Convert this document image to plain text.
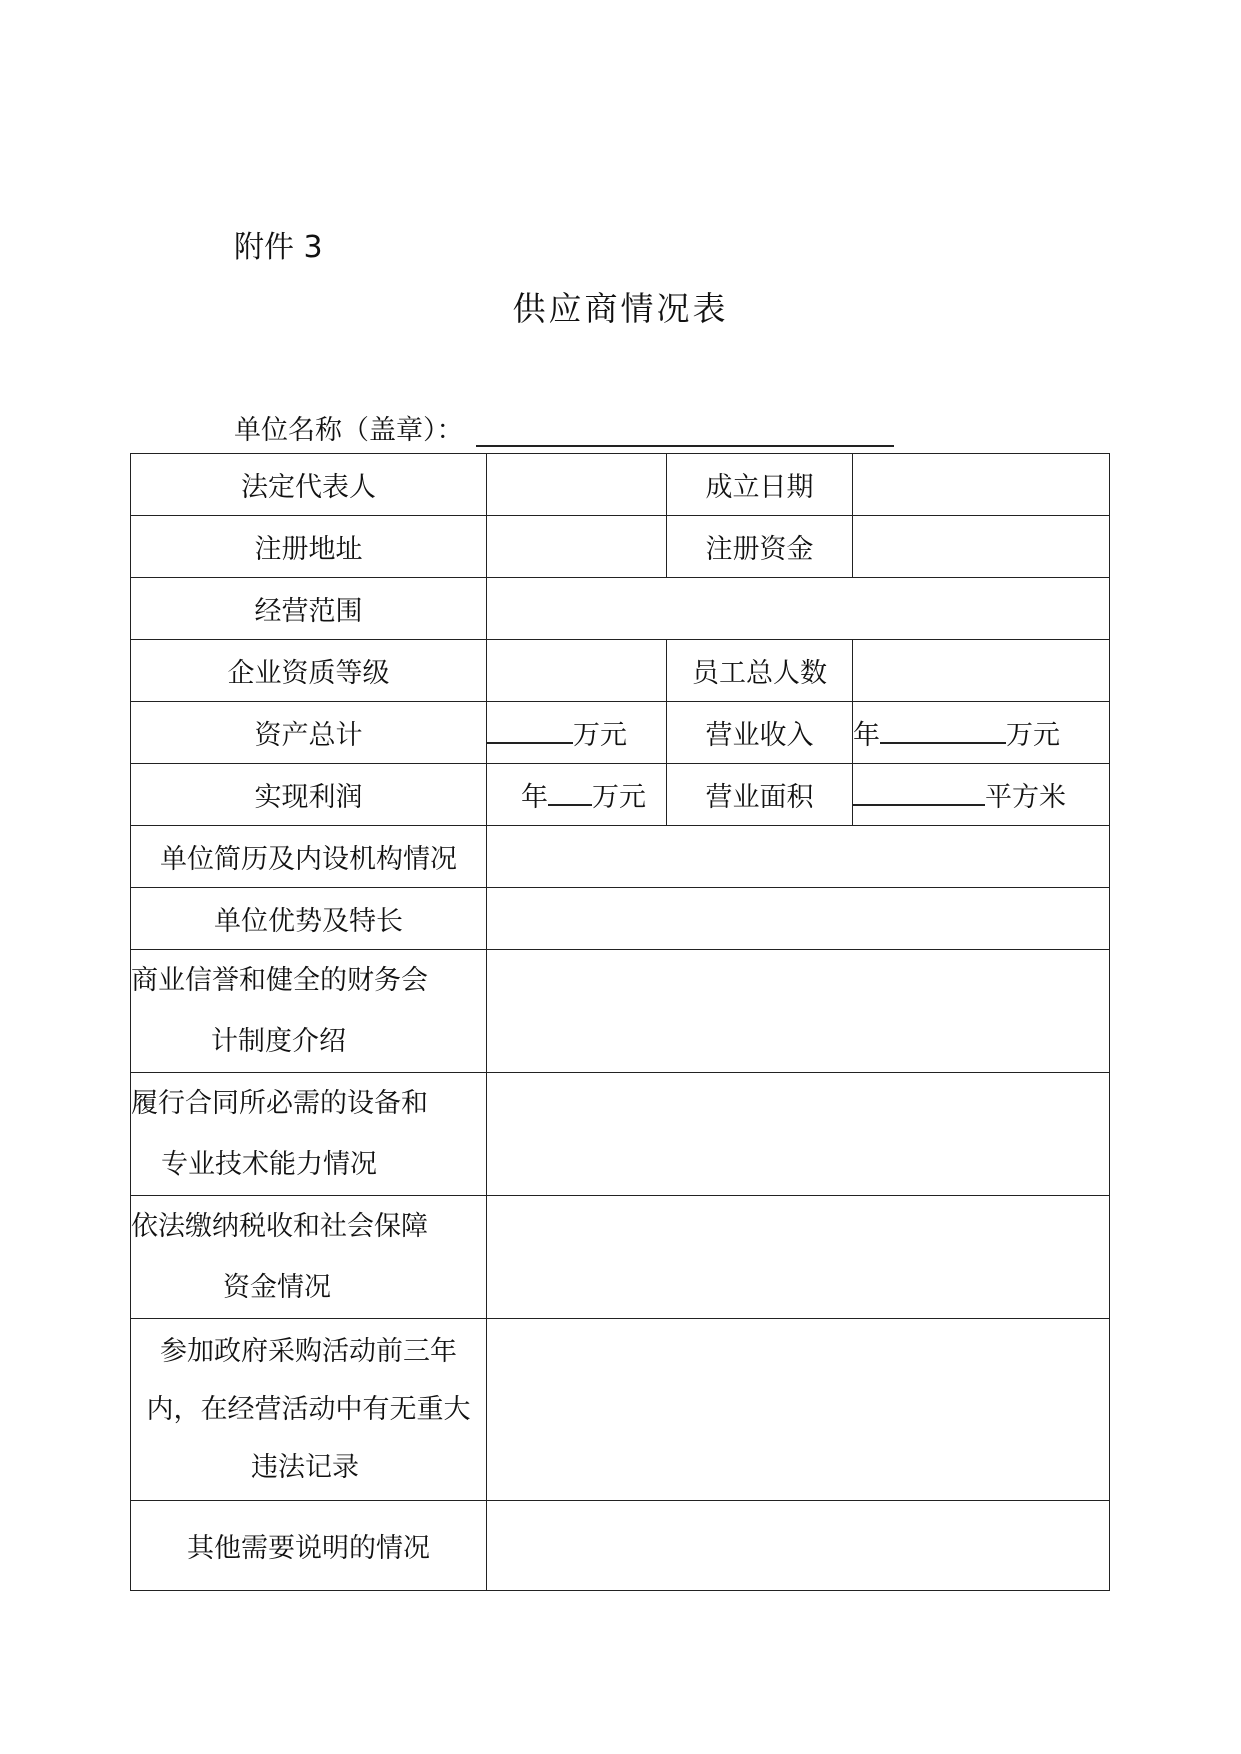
附件 3
供应商情况表
单位名称（盖章）：
法定代表人		成立日期	
注册地址		注册资金	
经营范围			
企业资质等级		员工总人数	
资产总计	万元	营业收入	年 万元
实现利润	年 万元	营业面积	平方米
单位简历及内设机构情况			
单位优势及特长			

商业信誉和健全的财务会
计制度介绍			

履行合同所必需的设备和
专业技术能力情况			

依法缴纳税收和社会保障
资金情况			

参加政府采购活动前三年
内，在经营活动中有无重大
违法记录			

其他需要说明的情况			
